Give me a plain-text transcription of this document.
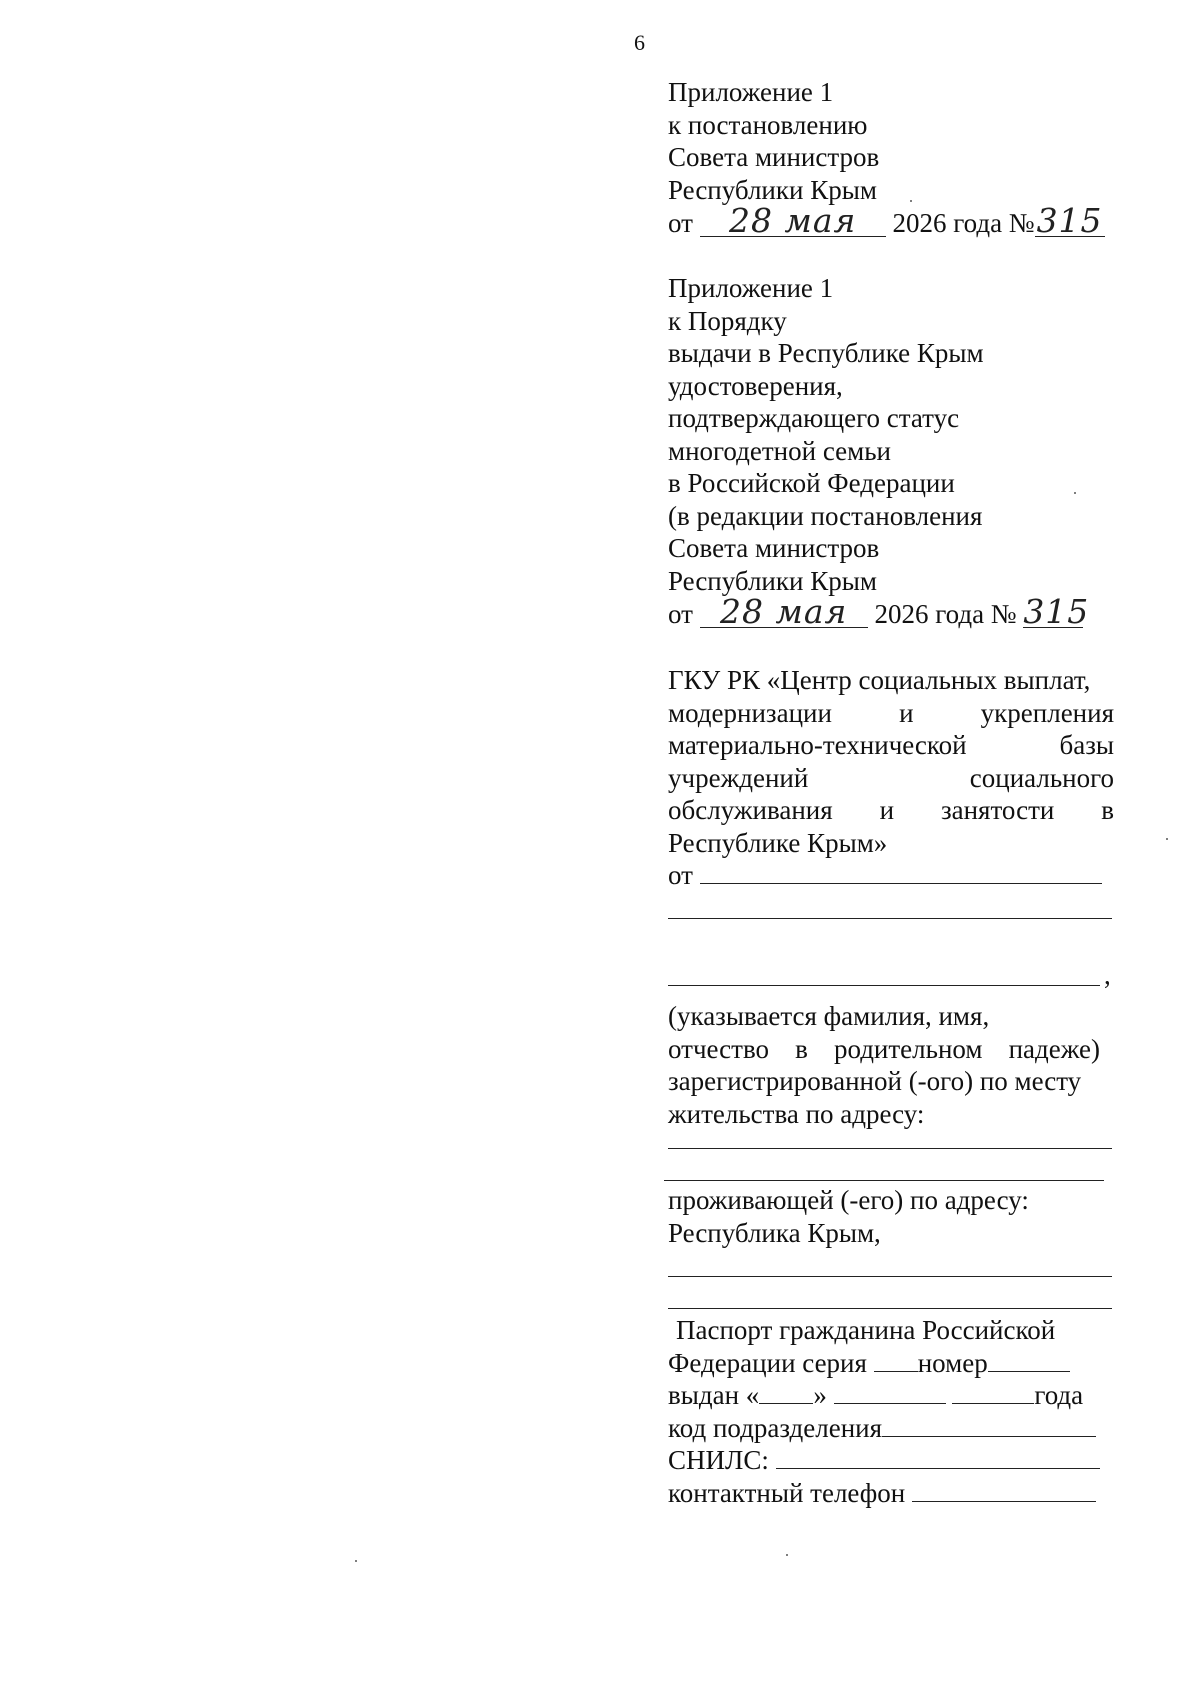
6
Приложение 1
к постановлению
Совета министров
Республики Крым
от 28 мая 2026 года №315
Приложение 1
к Порядку
выдачи в Республике Крым
удостоверения,
подтверждающего статус
многодетной семьи
в Российской Федерации
(в редакции постановления
Совета министров
Республики Крым
от 28 мая 2026 года № 315
ГКУ РК «Центр социальных выплат,
модернизации и укрепления
материально-технической базы
учреждений социального
обслуживания и занятости в
Республике Крым»
от
,
(указывается фамилия, имя,
отчество в родительном падеже)
зарегистрированной (-ого) по месту
жительства по адресу:
проживающей (-его) по адресу:
Республика Крым,
Паспорт гражданина Российской
Федерации серия номер
выдан « »	года
код подразделения
СНИЛС:
контактный телефон
